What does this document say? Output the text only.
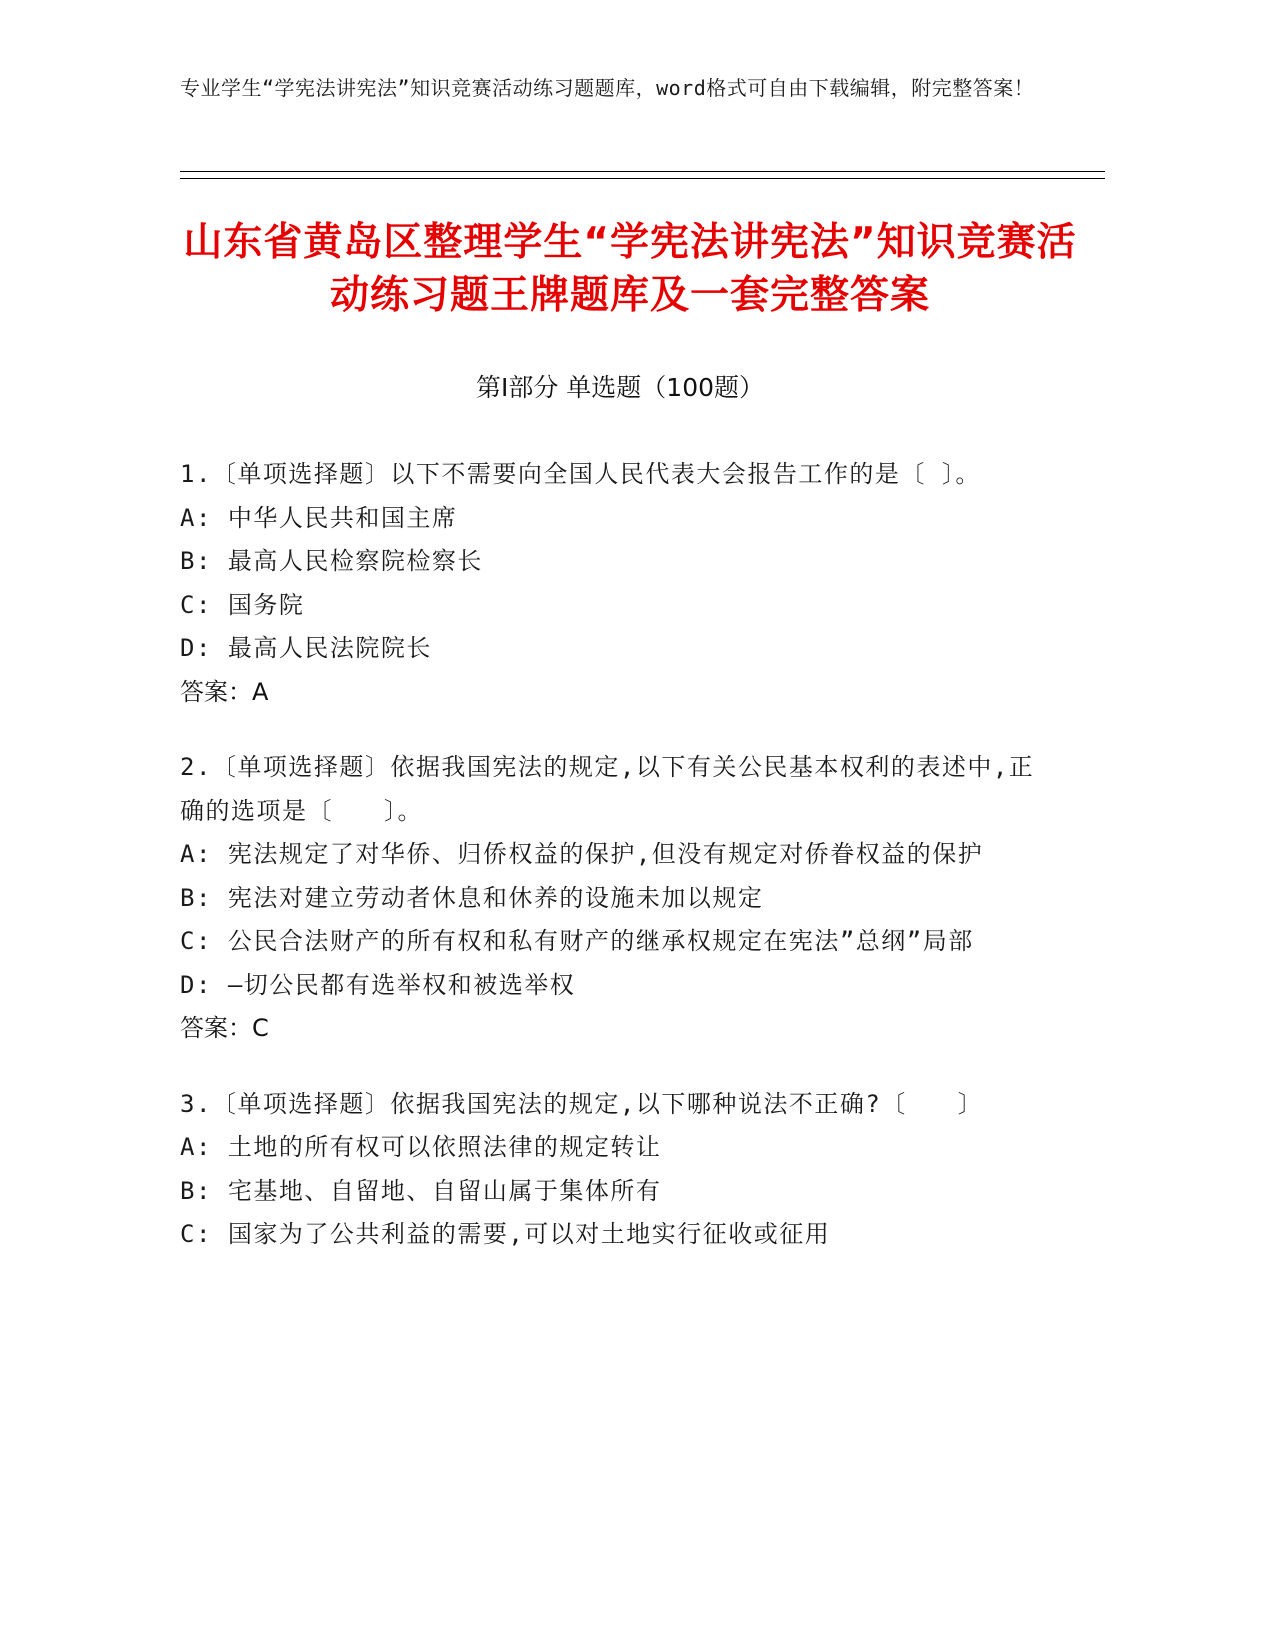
专业学生“学宪法讲宪法”知识竞赛活动练习题题库，word格式可自由下载编辑，附完整答案！
山东省黄岛区整理学生“学宪法讲宪法”知识竞赛活动练习题王牌题库及一套完整答案
第Ⅰ部分 单选题（100题）
1.〔单项选择题〕以下不需要向全国人民代表大会报告工作的是〔 〕。
A: 中华人民共和国主席
B: 最高人民检察院检察长
C: 国务院
D: 最高人民法院院长
答案：A
2.〔单项选择题〕依据我国宪法的规定,以下有关公民基本权利的表述中,正确的选项是〔　　〕。
A: 宪法规定了对华侨、归侨权益的保护,但没有规定对侨眷权益的保护
B: 宪法对建立劳动者休息和休养的设施未加以规定
C: 公民合法财产的所有权和私有财产的继承权规定在宪法”总纲”局部
D: —切公民都有选举权和被选举权
答案：C
3.〔单项选择题〕依据我国宪法的规定,以下哪种说法不正确?〔　　〕
A: 土地的所有权可以依照法律的规定转让
B: 宅基地、自留地、自留山属于集体所有
C: 国家为了公共利益的需要,可以对土地实行征收或征用
